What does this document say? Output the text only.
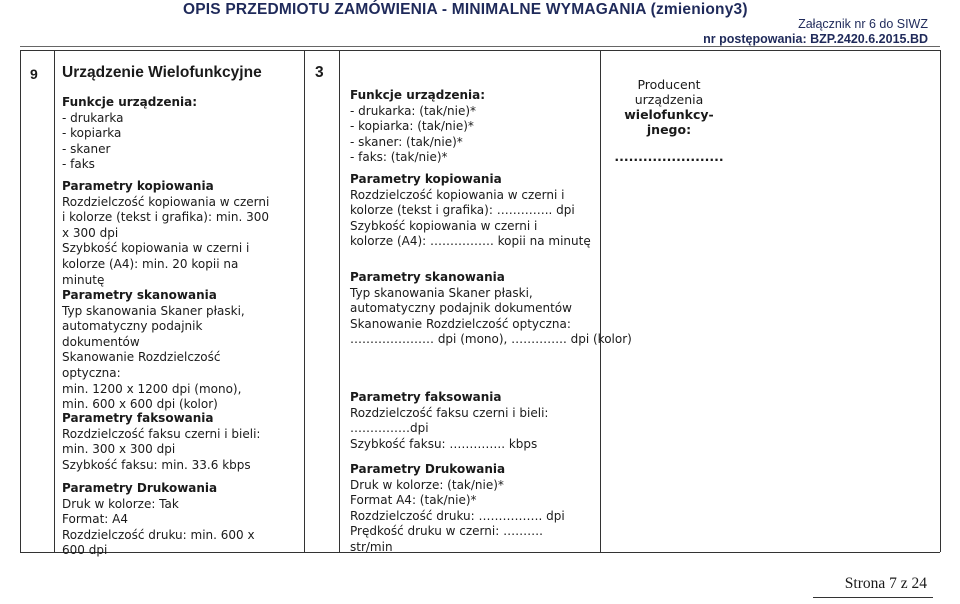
OPIS PRZEDMIOTU ZAMÓWIENIA - MINIMALNE WYMAGANIA (zmieniony3)
Załącznik nr 6 do SIWZ
nr postępowania: BZP.2420.6.2015.BD
9 Urządzenie Wielofunkcyjne	3
Funkcje urządzenia:
- drukarka
- kopiarka
- skaner
- faks
Parametry kopiowania
Rozdzielczość kopiowania w czerni
i kolorze (tekst i grafika): min. 300
x 300 dpi
Szybkość kopiowania w czerni i
kolorze (A4): min. 20 kopii na
minutę
Parametry skanowania
Typ skanowania Skaner płaski,
automatyczny podajnik
dokumentów
Skanowanie Rozdzielczość
optyczna:
min. 1200 x 1200 dpi (mono),
min. 600 x 600 dpi (kolor)
Parametry faksowania
Rozdzielczość faksu czerni i bieli:
min. 300 x 300 dpi
Szybkość faksu: min. 33.6 kbps
Parametry Drukowania
Druk w kolorze: Tak
Format: A4
Rozdzielczość druku: min. 600 x
600 dpi
Funkcje urządzenia:
- drukarka: (tak/nie)*
- kopiarka: (tak/nie)*
- skaner: (tak/nie)*
- faks: (tak/nie)*
Parametry kopiowania
Rozdzielczość kopiowania w czerni i
kolorze (tekst i grafika): ………….. dpi
Szybkość kopiowania w czerni i
kolorze (A4): ……………. kopii na minutę
Parametry skanowania
Typ skanowania Skaner płaski,
automatyczny podajnik dokumentów
Skanowanie Rozdzielczość optyczna:
………………… dpi (mono), ………….. dpi (kolor)
Parametry faksowania
Rozdzielczość faksu czerni i bieli:
……………dpi
Szybkość faksu: ………….. kbps
Parametry Drukowania
Druk w kolorze: (tak/nie)*
Format A4: (tak/nie)*
Rozdzielczość druku: ……………. dpi
Prędkość druku w czerni: ……….
str/min
Producent
urządzenia
wielofunkcy-
jnego:
.......................
Strona 7 z 24
